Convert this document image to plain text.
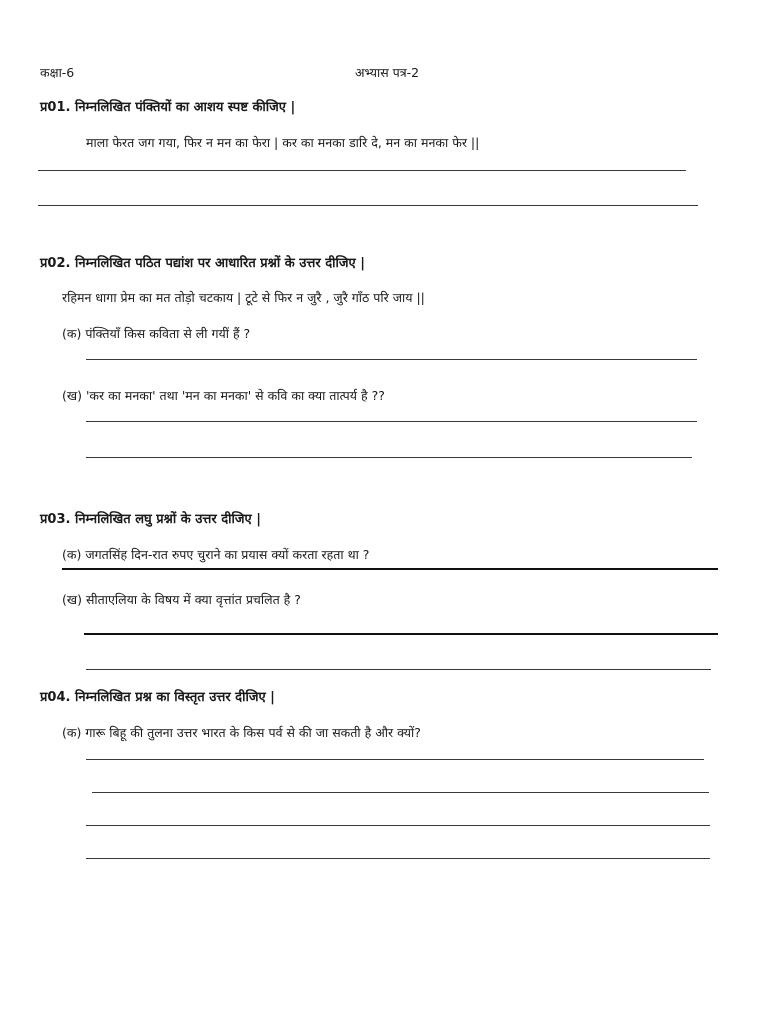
कक्षा-6	अभ्यास पत्र-2
प्र01. निम्नलिखित पंक्तियों का आशय स्पष्ट कीजिए |
माला फेरत जग गया, फिर न मन का फेरा | कर का मनका डारि दे, मन का मनका फेर ||
प्र02. निम्नलिखित पठित पद्यांश पर आधारित प्रश्नों के उत्तर दीजिए |
रहिमन धागा प्रेम का मत तोड़ो चटकाय | टूटे से फिर न जुरै , जुरै गाँठ परि जाय ||
(क) पंक्तियाँ किस कविता से ली गयीं हैं ?
(ख) 'कर का मनका' तथा 'मन का मनका' से कवि का क्या तात्पर्य है ??
प्र03. निम्नलिखित लघु प्रश्नों के उत्तर दीजिए |
(क) जगतसिंह दिन-रात रुपए चुराने का प्रयास क्यों करता रहता था ?
(ख) सीताएलिया के विषय में क्या वृत्तांत प्रचलित है ?
प्र04. निम्नलिखित प्रश्न का विस्तृत उत्तर दीजिए |
(क) गारू बिहू की तुलना उत्तर भारत के किस पर्व से की जा सकती है और क्यों?
